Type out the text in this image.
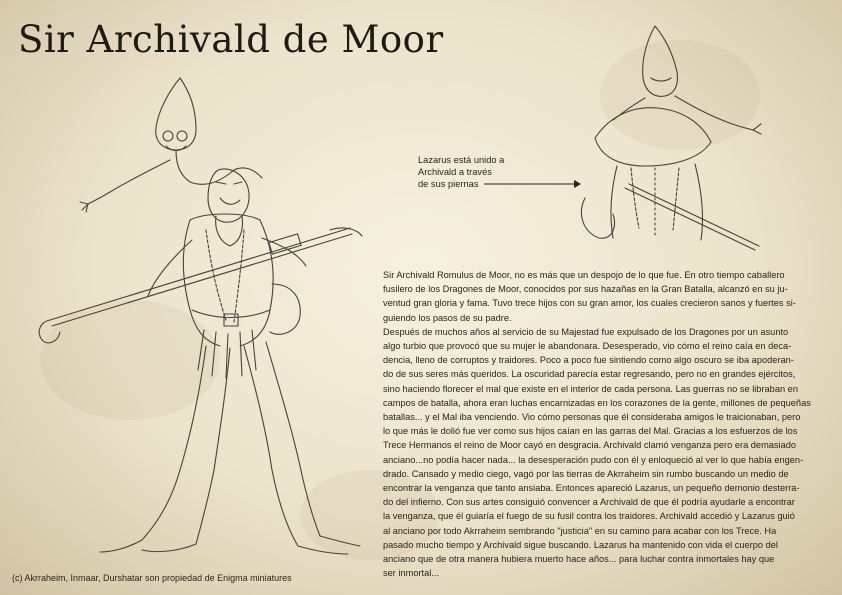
Sir Archivald de Moor
Lazarus está unido a
Archivald a través
de sus piernas
Sir Archivald Romulus de Moor, no es más que un despojo de lo que fue. En otro tiempo caballero
fusilero de los Dragones de Moor, conocidos por sus hazañas en la Gran Batalla, alcanzó en su ju-
ventud gran gloria y fama. Tuvo trece hijos con su gran amor, los cuales crecieron sanos y fuertes si-
guiendo los pasos de su padre.
Después de muchos años al servicio de su Majestad fue expulsado de los Dragones por un asunto
algo turbio que provocó que su mujer le abandonara. Desesperado, vio cómo el reino caía en deca-
dencia, lleno de corruptos y traidores. Poco a poco fue sintiendo como algo oscuro se iba apoderan-
do de sus seres más queridos. La oscuridad parecía estar regresando, pero no en grandes ejércitos,
sino haciendo florecer el mal que existe en el interior de cada persona. Las guerras no se libraban en
campos de batalla, ahora eran luchas encarnizadas en los corazones de la gente, millones de pequeñas
batallas... y el Mal iba venciendo. Vio cómo personas que él consideraba amigos le traicionaban, pero
lo que más le dolió fue ver como sus hijos caían en las garras del Mal. Gracias a los esfuerzos de los
Trece Hermanos el reino de Moor cayó en desgracia. Archivald clamó venganza pero era demasiado
anciano...no podía hacer nada... la desesperación pudo con él y enloqueció al ver lo que había engen-
drado. Cansado y medio ciego, vagó por las tierras de Akrraheim sin rumbo buscando un medio de
encontrar la venganza que tanto ansiaba. Entonces apareció Lazarus, un pequeño demonio desterra-
do del infierno. Con sus artes consiguió convencer a Archivald de que él podría ayudarle a encontrar
la venganza, que él guiaría el fuego de su fusil contra los traidores. Archivald accedió y Lazarus guió
al anciano por todo Akrraheim sembrando "justicia" en su camino para acabar con los Trece. Ha
pasado mucho tiempo y Archivald sigue buscando. Lazarus ha mantenido con vida el cuerpo del
anciano que de otra manera hubiera muerto hace años... para luchar contra inmortales hay que
ser inmortal...
(c) Akrraheim, Inmaar, Durshatar son propiedad de Enigma miniatures
